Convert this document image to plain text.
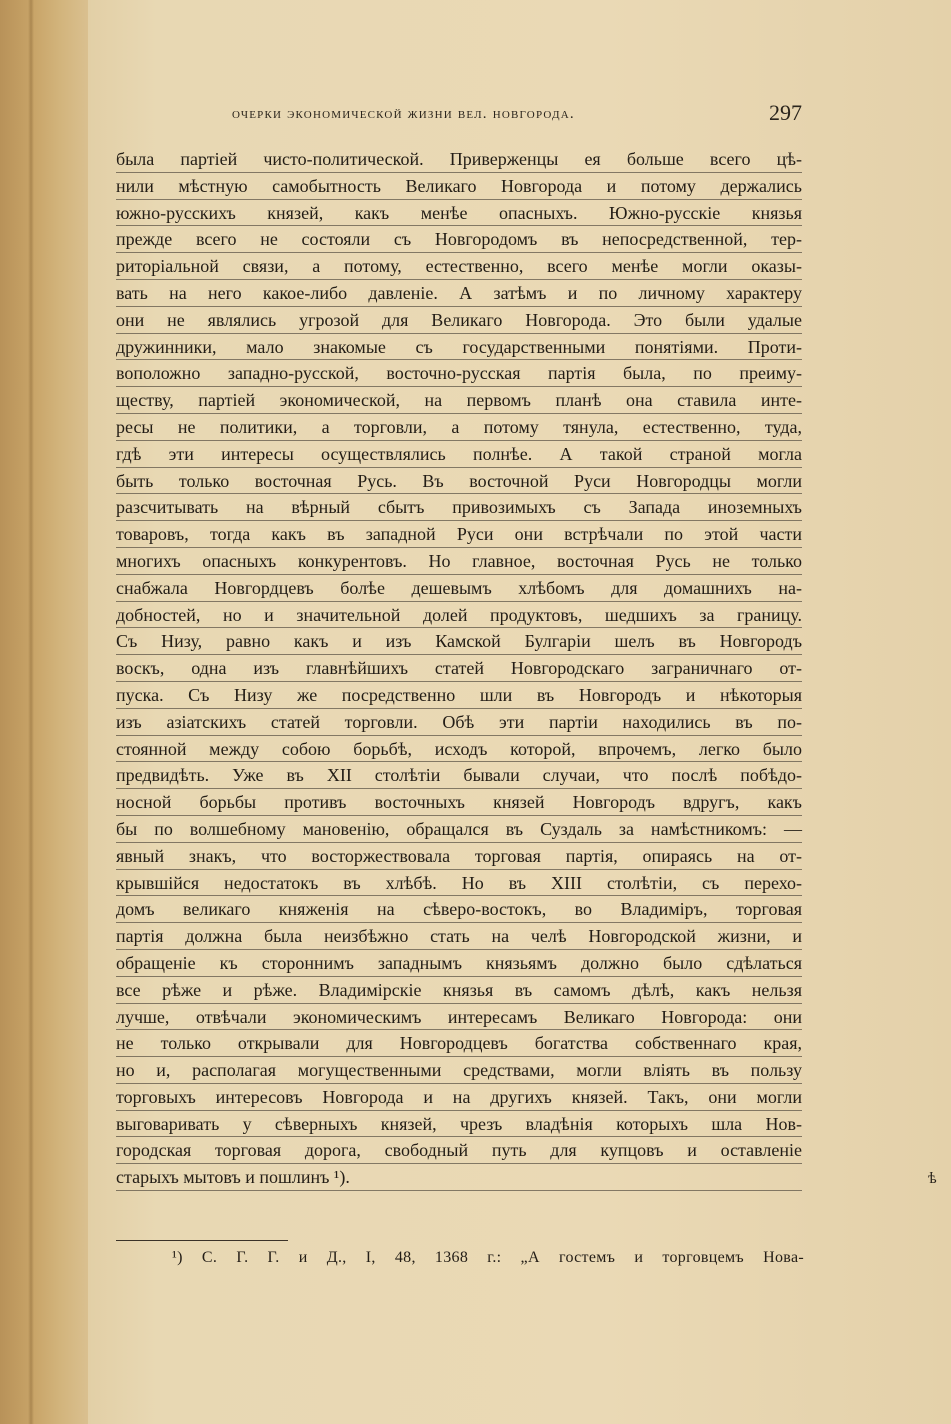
очерки экономической жизни вел. новгорода.	297
была партіей чисто-политической. Приверженцы ея больше всего цѣ-
нили мѣстную самобытность Великаго Новгорода и потому держались
южно-русскихъ князей, какъ менѣе опасныхъ. Южно-русскіе князья
прежде всего не состояли съ Новгородомъ въ непосредственной, тер-
риторіальной связи, а потому, естественно, всего менѣе могли оказы-
вать на него какое-либо давленіе. А затѣмъ и по личному характеру
они не являлись угрозой для Великаго Новгорода. Это были удалые
дружинники, мало знакомые съ государственными понятіями. Проти-
воположно западно-русской, восточно-русская партія была, по преиму-
ществу, партіей экономической, на первомъ планѣ она ставила инте-
ресы не политики, а торговли, а потому тянула, естественно, туда,
гдѣ эти интересы осуществлялись полнѣе. А такой страной могла
быть только восточная Русь. Въ восточной Руси Новгородцы могли
разсчитывать на вѣрный сбытъ привозимыхъ съ Запада иноземныхъ
товаровъ, тогда какъ въ западной Руси они встрѣчали по этой части
многихъ опасныхъ конкурентовъ. Но главное, восточная Русь не только
снабжала Новгордцевъ болѣе дешевымъ хлѣбомъ для домашнихъ на-
добностей, но и значительной долей продуктовъ, шедшихъ за границу.
Съ Низу, равно какъ и изъ Камской Булгаріи шелъ въ Новгородъ
воскъ, одна изъ главнѣйшихъ статей Новгородскаго заграничнаго от-
пуска. Съ Низу же посредственно шли въ Новгородъ и нѣкоторыя
изъ азіатскихъ статей торговли. Обѣ эти партіи находились въ по-
стоянной между собою борьбѣ, исходъ которой, впрочемъ, легко было
предвидѣть. Уже въ XII столѣтіи бывали случаи, что послѣ побѣдо-
носной борьбы противъ восточныхъ князей Новгородъ вдругъ, какъ
бы по волшебному мановенію, обращался въ Суздаль за намѣстникомъ: —
явный знакъ, что восторжествовала торговая партія, опираясь на от-
крывшійся недостатокъ въ хлѣбѣ. Но въ XIII столѣтіи, съ перехо-
домъ великаго княженія на сѣверо-востокъ, во Владиміръ, торговая
партія должна была неизбѣжно стать на челѣ Новгородской жизни, и
обращеніе къ стороннимъ западнымъ князьямъ должно было сдѣлаться
все рѣже и рѣже. Владимірскіе князья въ самомъ дѣлѣ, какъ нельзя
лучше, отвѣчали экономическимъ интересамъ Великаго Новгорода: они
не только открывали для Новгородцевъ богатства собственнаго края,
но и, располагая могущественными средствами, могли вліять въ пользу
торговыхъ интересовъ Новгорода и на другихъ князей. Такъ, они могли
выговаривать у сѣверныхъ князей, чрезъ владѣнія которыхъ шла Нов-
городская торговая дорога, свободный путь для купцовъ и оставленіе
старыхъ мытовъ и пошлинъ ¹).
¹) С. Г. Г. и Д., I, 48, 1368 г.: „А гостемъ и торговцемъ Нова-
ѣ
